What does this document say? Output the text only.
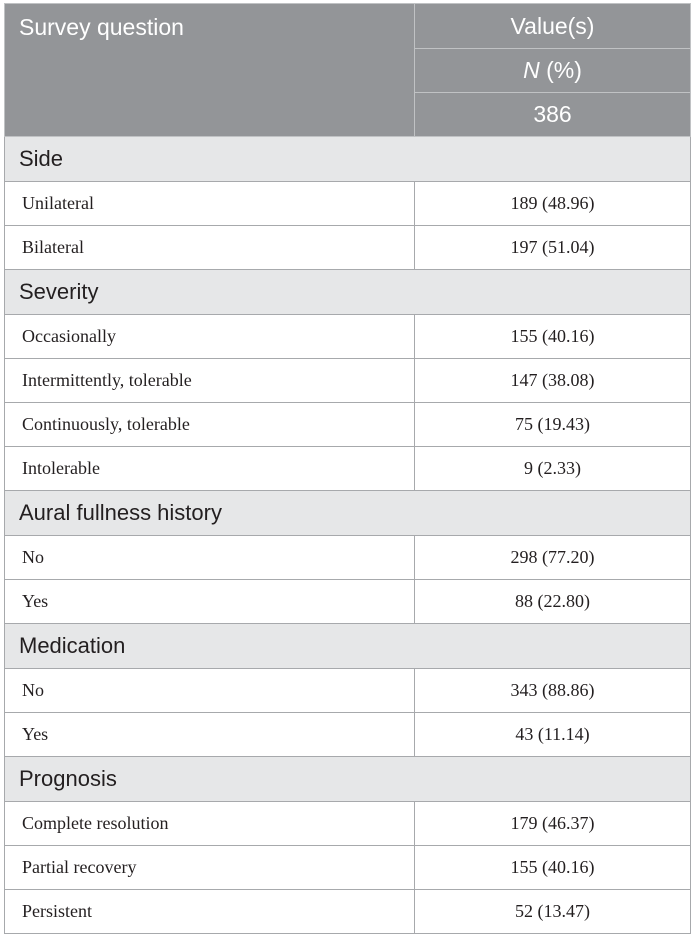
Survey question	Value(s)
	N (%)
	386
Side	
Unilateral	189 (48.96)
Bilateral	197 (51.04)
Severity	
Occasionally	155 (40.16)
Intermittently, tolerable	147 (38.08)
Continuously, tolerable	75 (19.43)
Intolerable	9 (2.33)
Aural fullness history	
No	298 (77.20)
Yes	88 (22.80)
Medication	
No	343 (88.86)
Yes	43 (11.14)
Prognosis	
Complete resolution	179 (46.37)
Partial recovery	155 (40.16)
Persistent	52 (13.47)
